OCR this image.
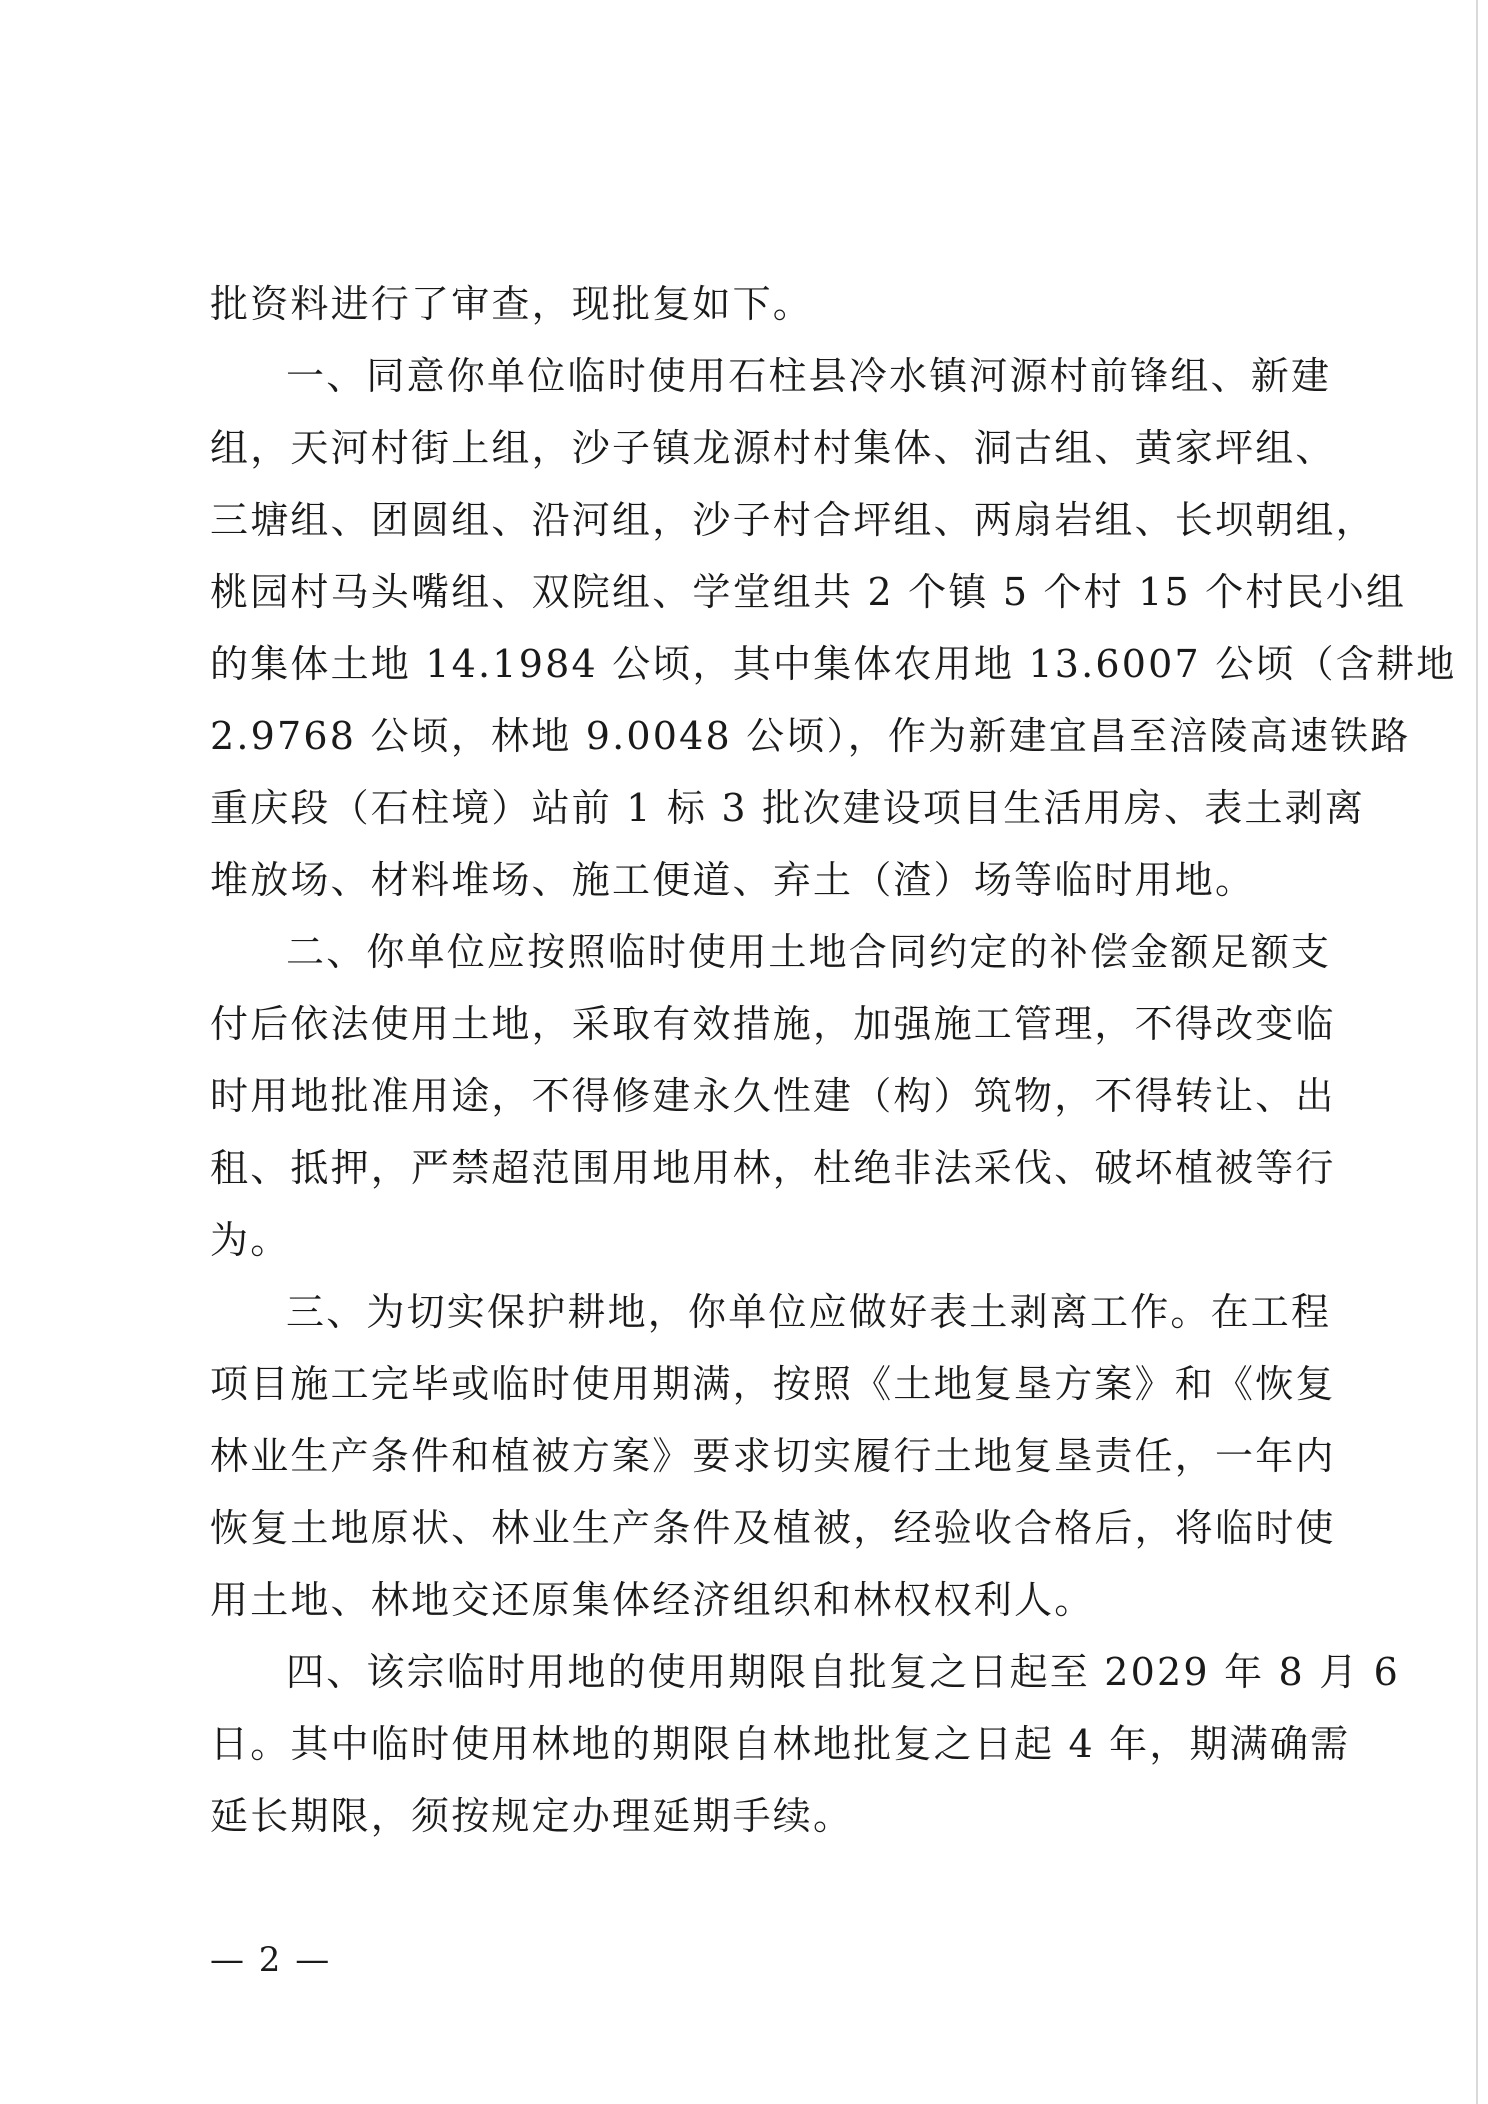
批资料进行了审查，现批复如下。
一、同意你单位临时使用石柱县冷水镇河源村前锋组、新建
组，天河村街上组，沙子镇龙源村村集体、洞古组、黄家坪组、
三塘组、团圆组、沿河组，沙子村合坪组、两扇岩组、长坝朝组，
桃园村马头嘴组、双院组、学堂组共 2 个镇 5 个村 15 个村民小组
的集体土地 14.1984 公顷，其中集体农用地 13.6007 公顷（含耕地
2.9768 公顷，林地 9.0048 公顷），作为新建宜昌至涪陵高速铁路
重庆段（石柱境）站前 1 标 3 批次建设项目生活用房、表土剥离
堆放场、材料堆场、施工便道、弃土（渣）场等临时用地。
二、你单位应按照临时使用土地合同约定的补偿金额足额支
付后依法使用土地，采取有效措施，加强施工管理，不得改变临
时用地批准用途，不得修建永久性建（构）筑物，不得转让、出
租、抵押，严禁超范围用地用林，杜绝非法采伐、破坏植被等行
为。
三、为切实保护耕地，你单位应做好表土剥离工作。在工程
项目施工完毕或临时使用期满，按照《土地复垦方案》和《恢复
林业生产条件和植被方案》要求切实履行土地复垦责任，一年内
恢复土地原状、林业生产条件及植被，经验收合格后，将临时使
用土地、林地交还原集体经济组织和林权权利人。
四、该宗临时用地的使用期限自批复之日起至 2029 年 8 月 6
日。其中临时使用林地的期限自林地批复之日起 4 年，期满确需
延长期限，须按规定办理延期手续。
— 2 —
